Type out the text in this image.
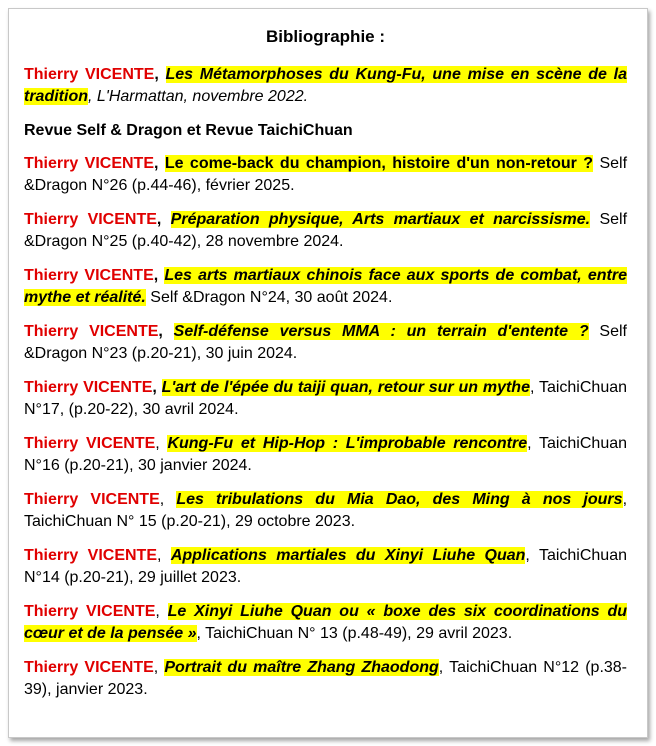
Bibliographie :
Thierry VICENTE, Les Métamorphoses du Kung-Fu, une mise en scène de la tradition, L'Harmattan, novembre 2022.
Revue Self & Dragon et Revue TaichiChuan
Thierry VICENTE, Le come-back du champion, histoire d'un non-retour ? Self &Dragon N°26 (p.44-46), février 2025.
Thierry VICENTE, Préparation physique, Arts martiaux et narcissisme. Self &Dragon N°25 (p.40-42), 28 novembre 2024.
Thierry VICENTE, Les arts martiaux chinois face aux sports de combat, entre mythe et réalité. Self &Dragon N°24, 30 août 2024.
Thierry VICENTE, Self-défense versus MMA : un terrain d'entente ? Self &Dragon N°23 (p.20-21), 30 juin 2024.
Thierry VICENTE, L'art de l'épée du taiji quan, retour sur un mythe, TaichiChuan N°17, (p.20-22), 30 avril 2024.
Thierry VICENTE, Kung-Fu et Hip-Hop : L'improbable rencontre, TaichiChuan N°16 (p.20-21), 30 janvier 2024.
Thierry VICENTE, Les tribulations du Mia Dao, des Ming à nos jours, TaichiChuan N° 15 (p.20-21), 29 octobre 2023.
Thierry VICENTE, Applications martiales du Xinyi Liuhe Quan, TaichiChuan N°14 (p.20-21), 29 juillet 2023.
Thierry VICENTE, Le Xinyi Liuhe Quan ou « boxe des six coordinations du cœur et de la pensée », TaichiChuan N° 13 (p.48-49), 29 avril 2023.
Thierry VICENTE, Portrait du maître Zhang Zhaodong, TaichiChuan N°12 (p.38-39), janvier 2023.
